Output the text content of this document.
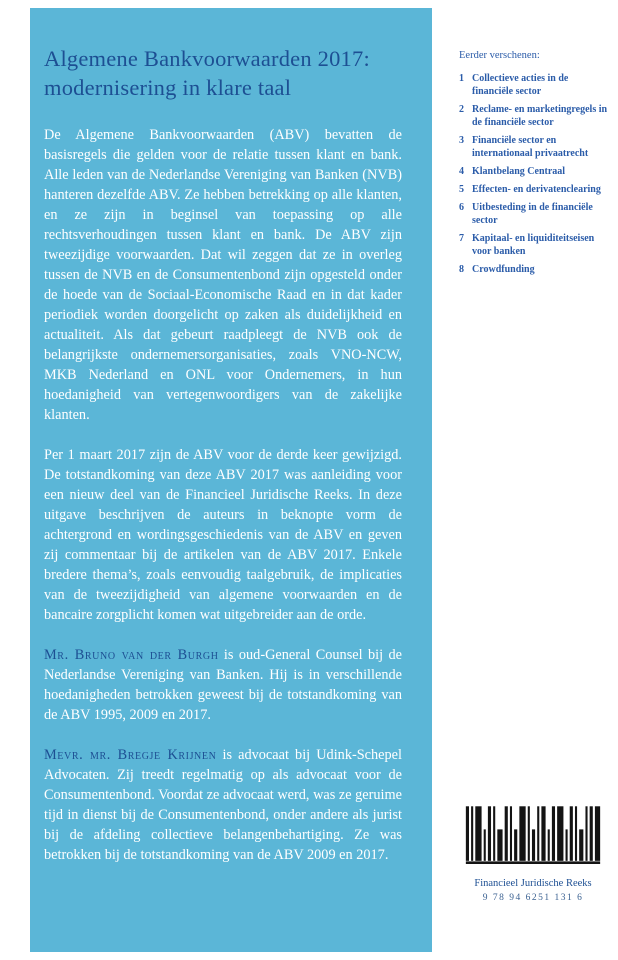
Algemene Bankvoorwaarden 2017:
modernisering in klare taal

De Algemene Bankvoorwaarden (ABV) bevatten de basisregels die gelden voor de relatie tussen klant en bank. Alle leden van de Nederlandse Vereniging van Banken (NVB) hanteren dezelfde ABV. Ze hebben betrekking op alle klanten, en ze zijn in beginsel van toepassing op alle rechtsverhoudingen tussen klant en bank. De ABV zijn tweezijdige voorwaarden. Dat wil zeggen dat ze in overleg tussen de NVB en de Consumentenbond zijn opgesteld onder de hoede van de Sociaal-Economische Raad en in dat kader periodiek worden doorgelicht op zaken als duidelijkheid en actualiteit. Als dat gebeurt raadpleegt de NVB ook de belangrijkste ondernemersorganisaties, zoals VNO-NCW, MKB Nederland en ONL voor Ondernemers, in hun hoedanigheid van vertegenwoordigers van de zakelijke klanten.

Per 1 maart 2017 zijn de ABV voor de derde keer gewijzigd. De totstandkoming van deze ABV 2017 was aanleiding voor een nieuw deel van de Financieel Juridische Reeks. In deze uitgave beschrijven de auteurs in beknopte vorm de achtergrond en wordingsgeschiedenis van de ABV en geven zij commentaar bij de artikelen van de ABV 2017. Enkele bredere thema’s, zoals eenvoudig taalgebruik, de implicaties van de tweezijdigheid van algemene voorwaarden en de bancaire zorgplicht komen wat uitgebreider aan de orde.

Mr. Bruno van der Burgh is oud-General Counsel bij de Nederlandse Vereniging van Banken. Hij is in verschillende hoedanigheden betrokken geweest bij de totstandkoming van de ABV 1995, 2009 en 2017.

Mevr. mr. Bregje Krijnen is advocaat bij Udink-Schepel Advocaten. Zij treedt regelmatig op als advocaat voor de Consumentenbond. Voordat ze advocaat werd, was ze geruime tijd in dienst bij de Consumentenbond, onder andere als jurist bij de afdeling collectieve belangenbehartiging. Ze was betrokken bij de totstandkoming van de ABV 2009 en 2017.

Eerder verschenen:
1 Collectieve acties in de financiële sector
2 Reclame- en marketingregels in de financiële sector
3 Financiële sector en internationaal privaatrecht
4 Klantbelang Centraal
5 Effecten- en derivatenclearing
6 Uitbesteding in de financiële sector
7 Kapitaal- en liquiditeitseisen voor banken
8 Crowdfunding
Financieel Juridische Reeks
9 78 94 6251 131 6
